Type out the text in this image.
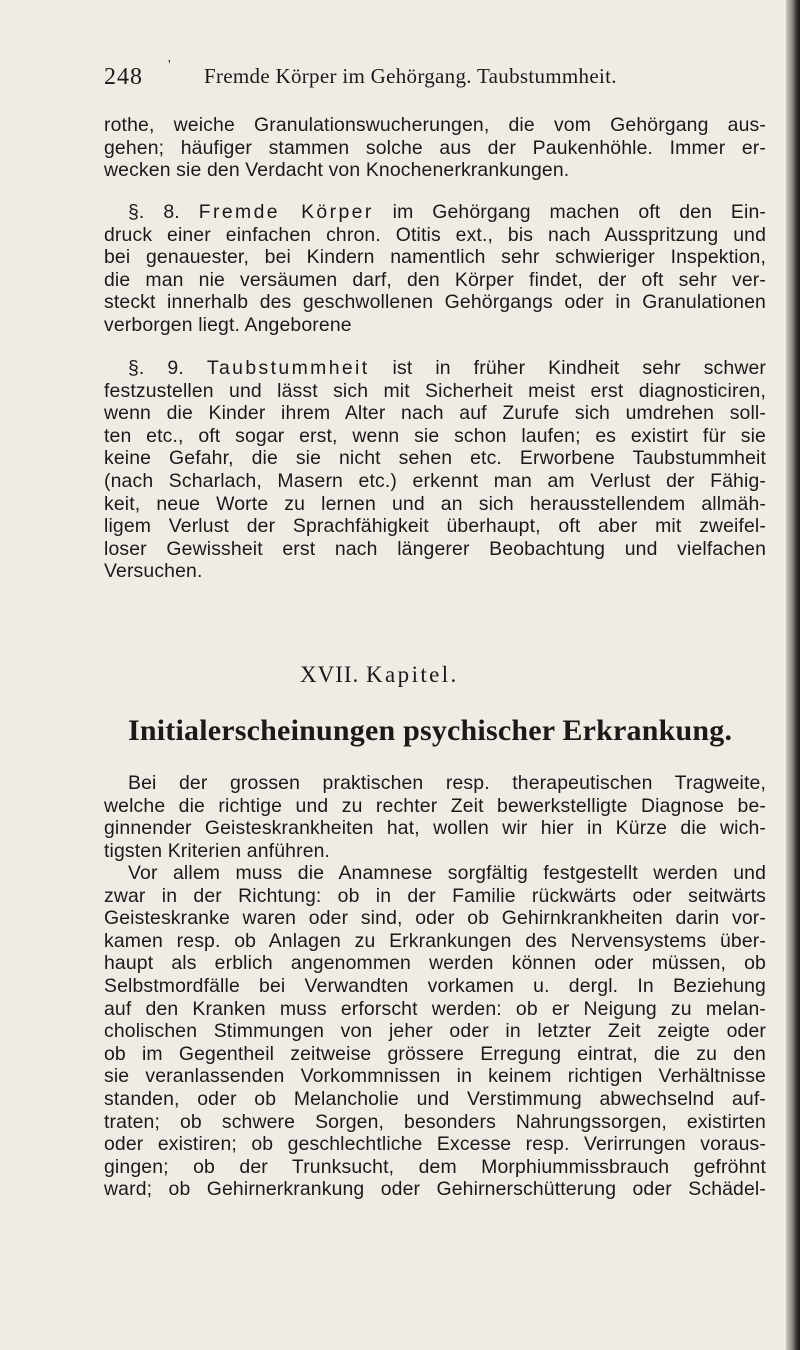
248 ' Fremde Körper im Gehörgang. Taubstummheit.
rothe, weiche Granulationswucherungen, die vom Gehörgang aus-
gehen; häufiger stammen solche aus der Paukenhöhle. Immer er-
wecken sie den Verdacht von Knochenerkrankungen.
§. 8. Fremde Körper im Gehörgang machen oft den Ein-
druck einer einfachen chron. Otitis ext., bis nach Ausspritzung und
bei genauester, bei Kindern namentlich sehr schwieriger Inspektion,
die man nie versäumen darf, den Körper findet, der oft sehr ver-
steckt innerhalb des geschwollenen Gehörgangs oder in Granulationen
verborgen liegt. Angeborene
§. 9. Taubstummheit ist in früher Kindheit sehr schwer
festzustellen und lässt sich mit Sicherheit meist erst diagnosticiren,
wenn die Kinder ihrem Alter nach auf Zurufe sich umdrehen soll-
ten etc., oft sogar erst, wenn sie schon laufen; es existirt für sie
keine Gefahr, die sie nicht sehen etc. Erworbene Taubstummheit
(nach Scharlach, Masern etc.) erkennt man am Verlust der Fähig-
keit, neue Worte zu lernen und an sich herausstellendem allmäh-
ligem Verlust der Sprachfähigkeit überhaupt, oft aber mit zweifel-
loser Gewissheit erst nach längerer Beobachtung und vielfachen
Versuchen.
XVII. Kapitel.
Initialerscheinungen psychischer Erkrankung.
Bei der grossen praktischen resp. therapeutischen Tragweite,
welche die richtige und zu rechter Zeit bewerkstelligte Diagnose be-
ginnender Geisteskrankheiten hat, wollen wir hier in Kürze die wich-
tigsten Kriterien anführen.
Vor allem muss die Anamnese sorgfältig festgestellt werden und
zwar in der Richtung: ob in der Familie rückwärts oder seitwärts
Geisteskranke waren oder sind, oder ob Gehirnkrankheiten darin vor-
kamen resp. ob Anlagen zu Erkrankungen des Nervensystems über-
haupt als erblich angenommen werden können oder müssen, ob
Selbstmordfälle bei Verwandten vorkamen u. dergl. In Beziehung
auf den Kranken muss erforscht werden: ob er Neigung zu melan-
cholischen Stimmungen von jeher oder in letzter Zeit zeigte oder
ob im Gegentheil zeitweise grössere Erregung eintrat, die zu den
sie veranlassenden Vorkommnissen in keinem richtigen Verhältnisse
standen, oder ob Melancholie und Verstimmung abwechselnd auf-
traten; ob schwere Sorgen, besonders Nahrungssorgen, existirten
oder existiren; ob geschlechtliche Excesse resp. Verirrungen voraus-
gingen; ob der Trunksucht, dem Morphiummissbrauch gefröhnt
ward; ob Gehirnerkrankung oder Gehirnerschütterung oder Schädel-
